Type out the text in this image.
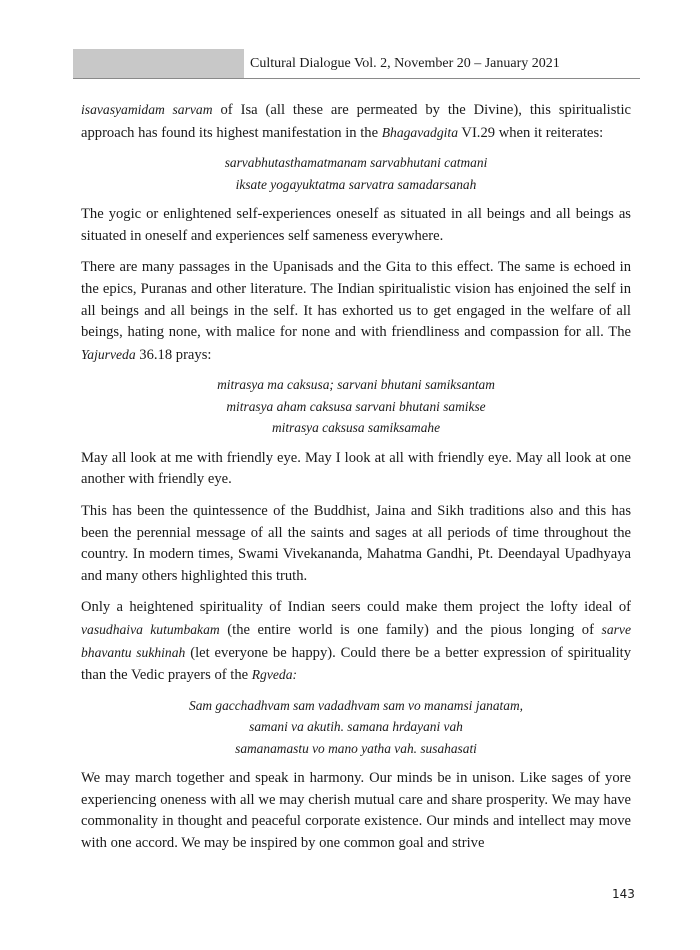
Cultural Dialogue Vol. 2, November 20 – January 2021

isavasyamidam sarvam of Isa (all these are permeated by the Divine), this spiritualistic approach has found its highest manifestation in the Bhagavadgita VI.29 when it reiterates:

sarvabhutasthamatmanam sarvabhutani catmani
iksate yogayuktatma sarvatra samadarsanah

The yogic or enlightened self-experiences oneself as situated in all beings and all beings as situated in oneself and experiences self sameness everywhere.

There are many passages in the Upanisads and the Gita to this effect. The same is echoed in the epics, Puranas and other literature. The Indian spiritualistic vision has enjoined the self in all beings and all beings in the self. It has exhorted us to get engaged in the welfare of all beings, hating none, with malice for none and with friendliness and compassion for all. The Yajurveda 36.18 prays:

mitrasya ma caksusa; sarvani bhutani samiksantam
mitrasya aham caksusa sarvani bhutani samikse
mitrasya caksusa samiksamahe

May all look at me with friendly eye. May I look at all with friendly eye. May all look at one another with friendly eye.

This has been the quintessence of the Buddhist, Jaina and Sikh traditions also and this has been the perennial message of all the saints and sages at all periods of time throughout the country. In modern times, Swami Vivekananda, Mahatma Gandhi, Pt. Deendayal Upadhyaya and many others highlighted this truth.

Only a heightened spirituality of Indian seers could make them project the lofty ideal of vasudhaiva kutumbakam (the entire world is one family) and the pious longing of sarve bhavantu sukhinah (let everyone be happy). Could there be a better expression of spirituality than the Vedic prayers of the Rgveda:

Sam gacchadhvam sam vadadhvam sam vo manamsi janatam,
samani va akutih. samana hrdayani vah
samanamastu vo mano yatha vah. susahasati

We may march together and speak in harmony. Our minds be in unison. Like sages of yore experiencing oneness with all we may cherish mutual care and share prosperity. We may have commonality in thought and peaceful corporate existence. Our minds and intellect may move with one accord. We may be inspired by one common goal and strive

143
